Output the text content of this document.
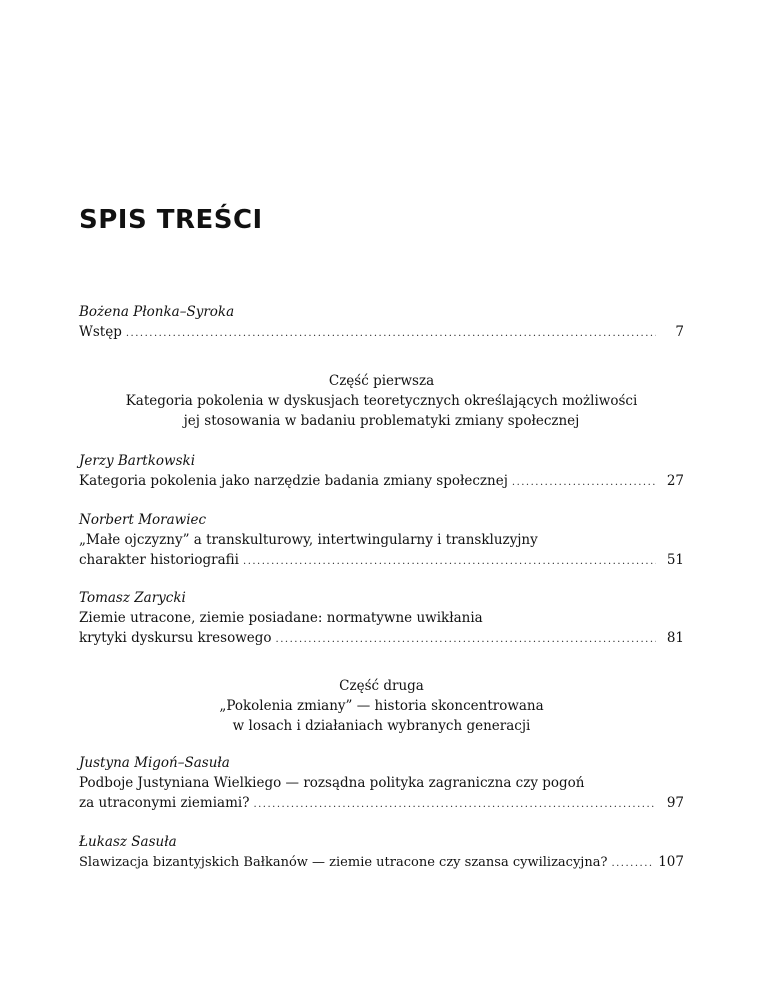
SPIS TREŚCI
Bożena Płonka–Syroka
Wstęp .....	7
Część pierwsza
Kategoria pokolenia w dyskusjach teoretycznych określających możliwości
jej stosowania w badaniu problematyki zmiany społecznej
Jerzy Bartkowski
Kategoria pokolenia jako narzędzie badania zmiany społecznej .....	27
Norbert Morawiec
„Małe ojczyzny” a transkulturowy, intertwingularny i transkluzyjny
charakter historiografii .....	51
Tomasz Zarycki
Ziemie utracone, ziemie posiadane: normatywne uwikłania
krytyki dyskursu kresowego .....	81
Część druga
„Pokolenia zmiany” — historia skoncentrowana
w losach i działaniach wybranych generacji
Justyna Migoń–Sasuła
Podboje Justyniana Wielkiego — rozsądna polityka zagraniczna czy pogoń
za utraconymi ziemiami? .....	97
Łukasz Sasuła
Slawizacja bizantyjskich Bałkanów — ziemie utracone czy szansa cywilizacyjna? .....	107
